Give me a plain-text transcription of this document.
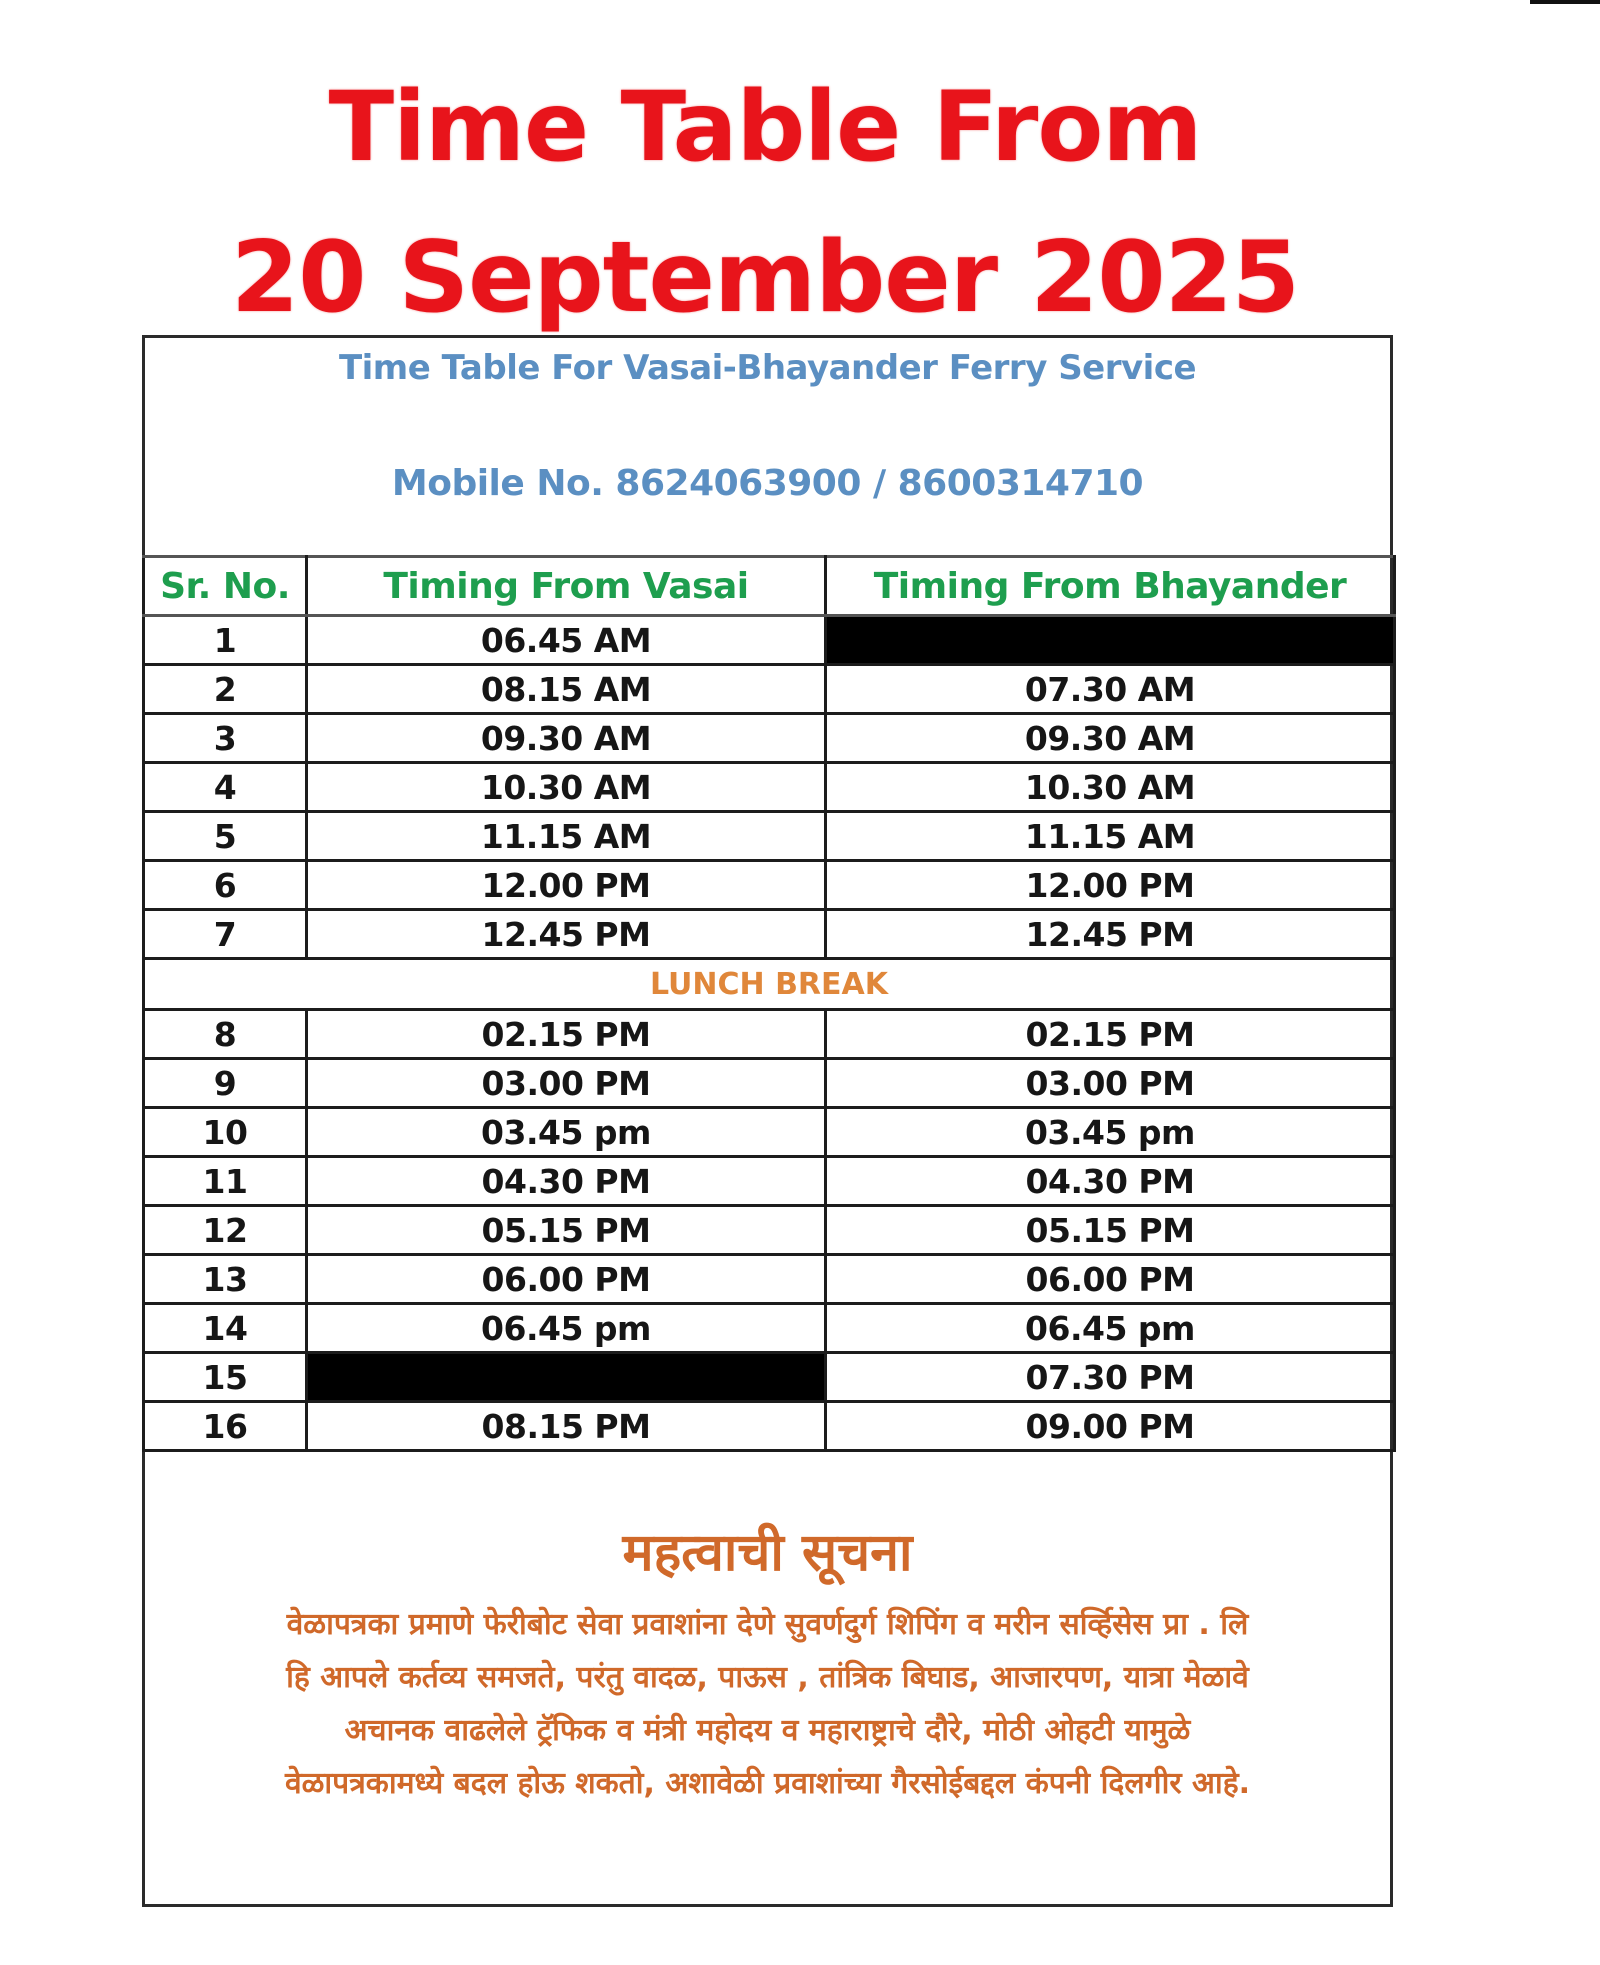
Time Table From
20 September 2025
Time Table For Vasai-Bhayander Ferry Service
Mobile No. 8624063900 / 8600314710
Sr. No.	Timing From Vasai	Timing From Bhayander
1	06.45 AM	
2	08.15 AM	07.30 AM
3	09.30 AM	09.30 AM
4	10.30 AM	10.30 AM
5	11.15 AM	11.15 AM
6	12.00 PM	12.00 PM
7	12.45 PM	12.45 PM
LUNCH BREAK		
8	02.15 PM	02.15 PM
9	03.00 PM	03.00 PM
10	03.45 pm	03.45 pm
11	04.30 PM	04.30 PM
12	05.15 PM	05.15 PM
13	06.00 PM	06.00 PM
14	06.45 pm	06.45 pm
15		07.30 PM
16	08.15 PM	09.00 PM
महत्वाची सूचना
वेळापत्रका प्रमाणे फेरीबोट सेवा प्रवाशांना देणे सुवर्णदुर्ग शिपिंग व मरीन सर्व्हिसेस प्रा . लि
हि आपले कर्तव्य समजते, परंतु वादळ, पाऊस , तांत्रिक बिघाड, आजारपण, यात्रा मेळावे
अचानक वाढलेले ट्रॅफिक व मंत्री महोदय व महाराष्ट्राचे दौरे, मोठी ओहटी यामुळे
वेळापत्रकामध्ये बदल होऊ शकतो, अशावेळी प्रवाशांच्या गैरसोईबद्दल कंपनी दिलगीर आहे.
